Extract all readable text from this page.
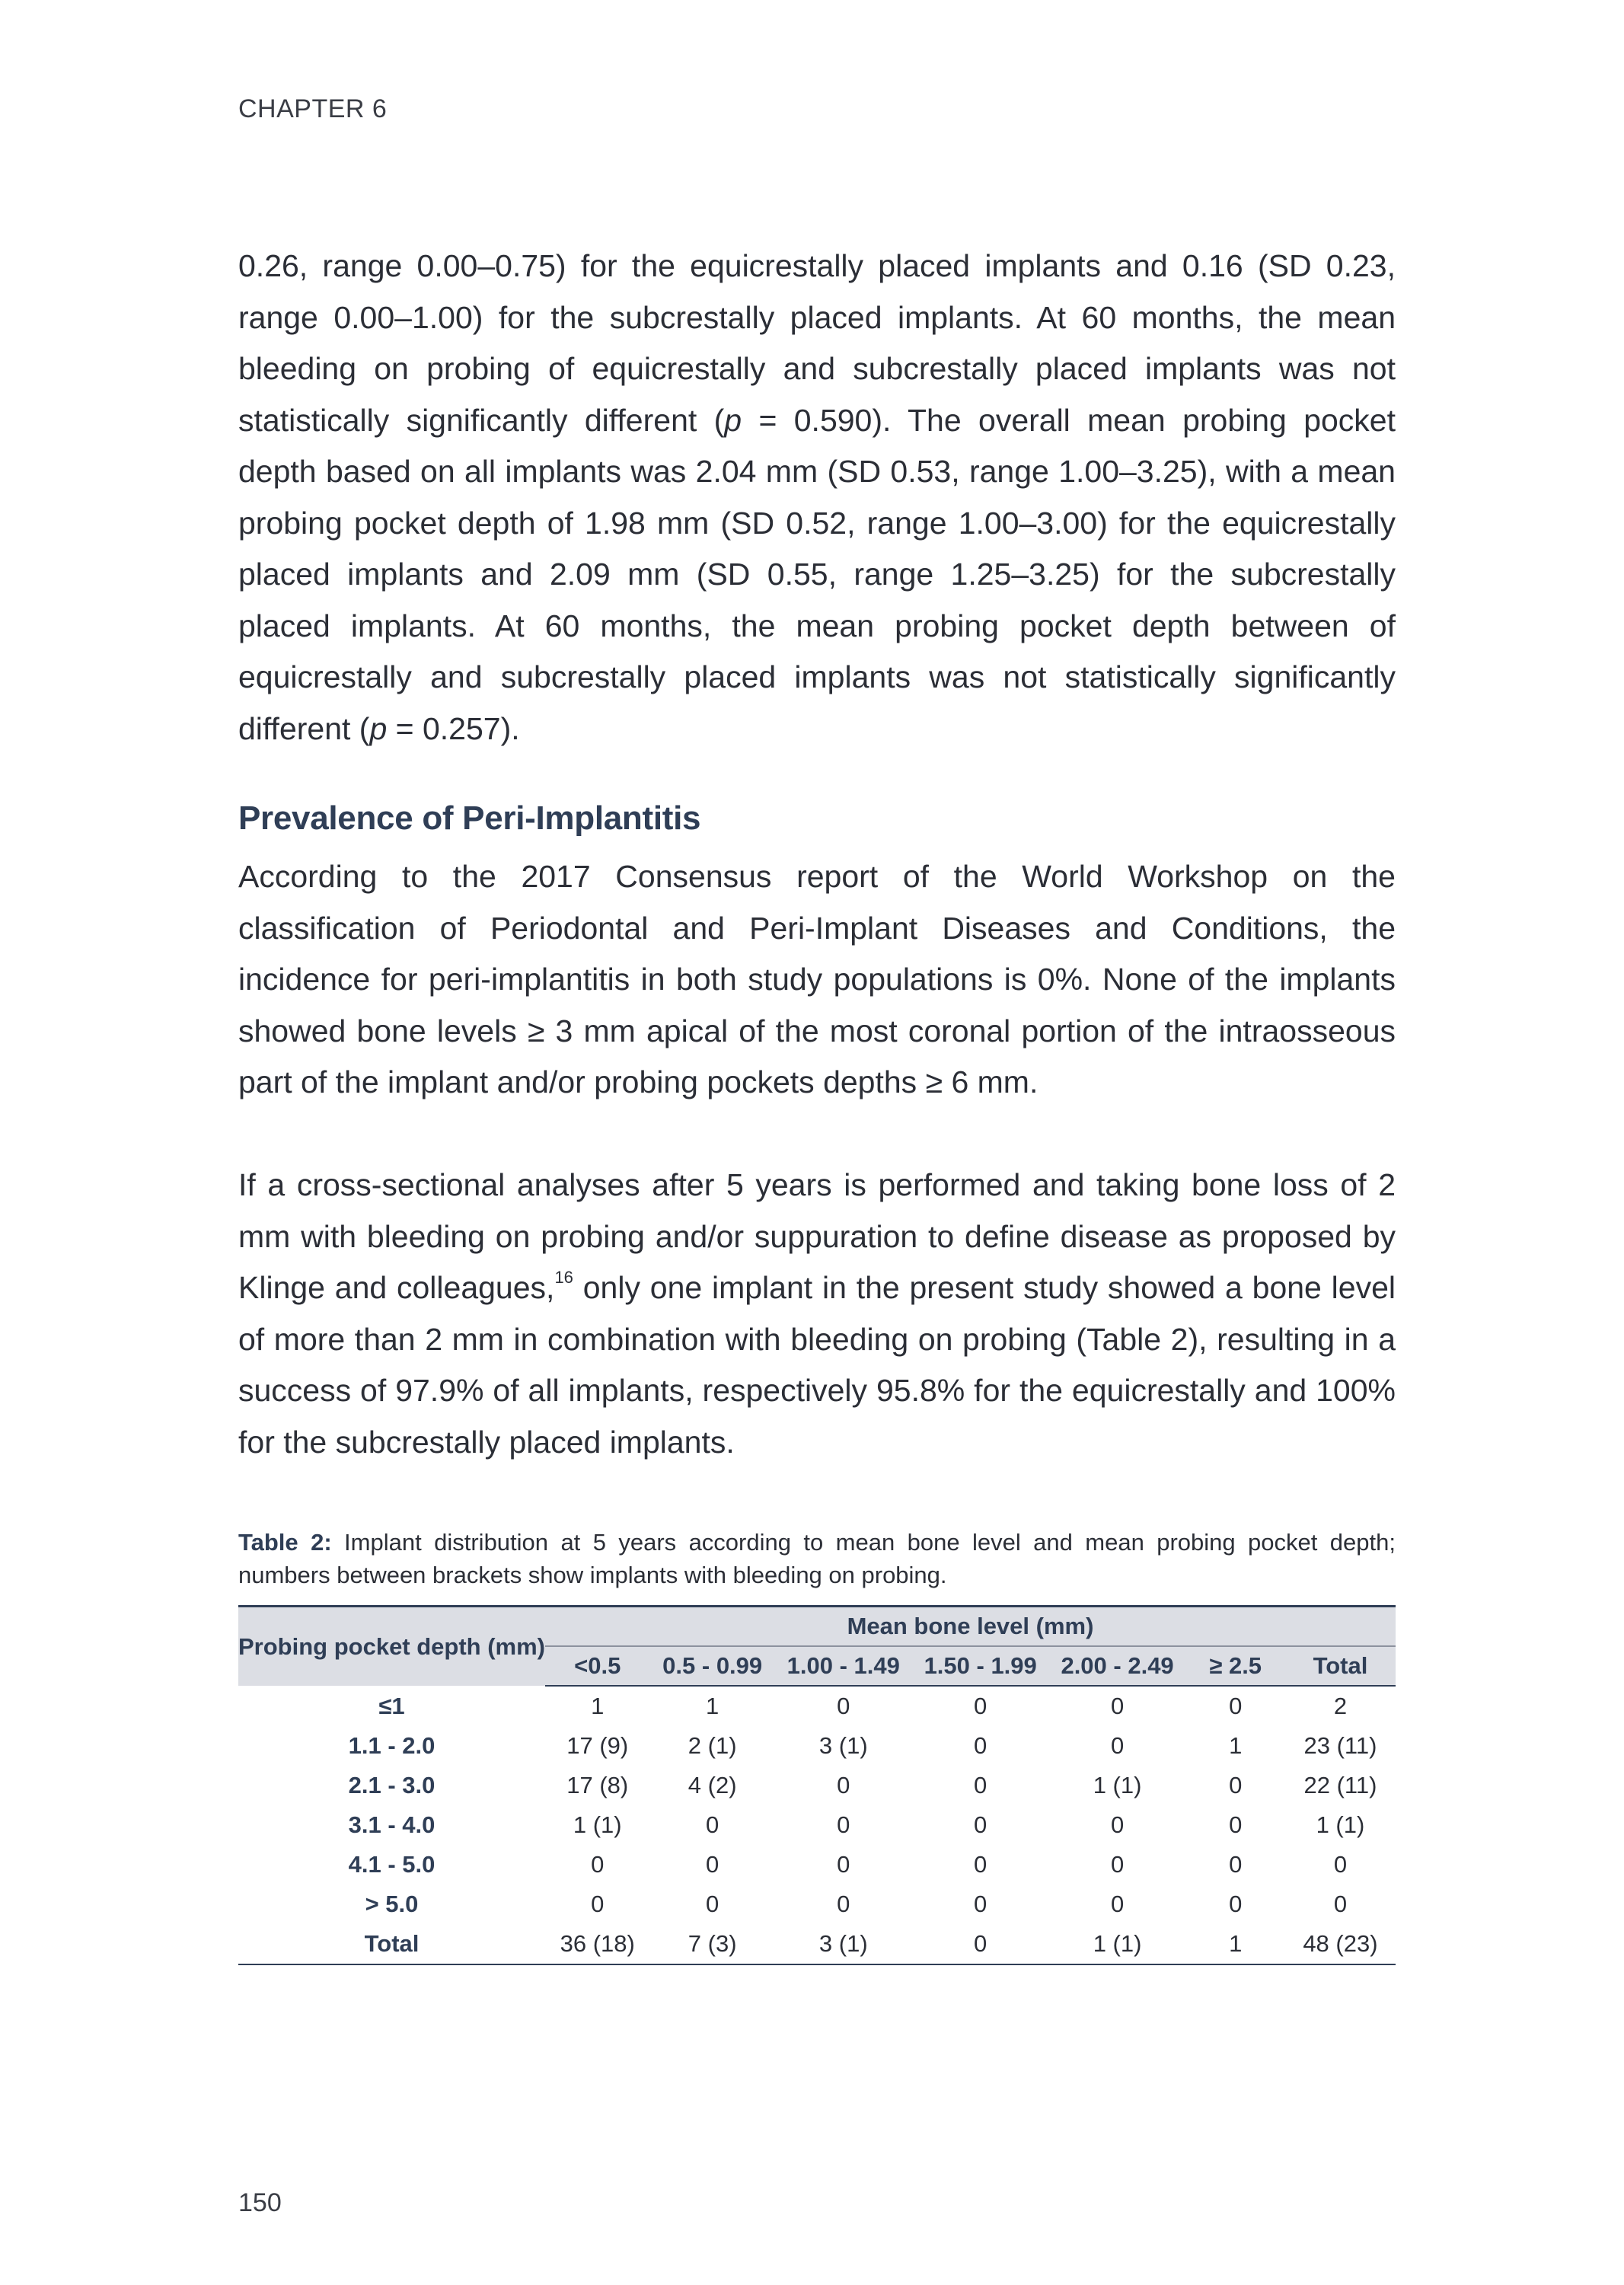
CHAPTER 6

0.26, range 0.00–0.75) for the equicrestally placed implants and 0.16 (SD 0.23, range 0.00–1.00) for the subcrestally placed implants. At 60 months, the mean bleeding on probing of equicrestally and subcrestally placed implants was not statistically significantly different (p = 0.590). The overall mean probing pocket depth based on all implants was 2.04 mm (SD 0.53, range 1.00–3.25), with a mean probing pocket depth of 1.98 mm (SD 0.52, range 1.00–3.00) for the equicrestally placed implants and 2.09 mm (SD 0.55, range 1.25–3.25) for the subcrestally placed implants. At 60 months, the mean probing pocket depth between of equicrestally and subcrestally placed implants was not statistically significantly different (p = 0.257).

Prevalence of Peri-Implantitis

According to the 2017 Consensus report of the World Workshop on the classification of Periodontal and Peri-Implant Diseases and Conditions, the incidence for peri-implantitis in both study populations is 0%. None of the implants showed bone levels ≥ 3 mm apical of the most coronal portion of the intraosseous part of the implant and/or probing pockets depths ≥ 6 mm.

If a cross-sectional analyses after 5 years is performed and taking bone loss of 2 mm with bleeding on probing and/or suppuration to define disease as proposed by Klinge and colleagues,$^{16}$ only one implant in the present study showed a bone level of more than 2 mm in combination with bleeding on probing (Table 2), resulting in a success of 97.9% of all implants, respectively 95.8% for the equicrestally and 100% for the subcrestally placed implants.

Table 2: Implant distribution at 5 years according to mean bone level and mean probing pocket depth; numbers between brackets show implants with bleeding on probing.
Probing pocket depth (mm)	Mean bone level (mm)						
	<0.5	0.5 - 0.99	1.00 - 1.49	1.50 - 1.99	2.00 - 2.49	≥ 2.5	Total
≤1	1	1	0	0	0	0	2
1.1 - 2.0	17 (9)	2 (1)	3 (1)	0	0	1	23 (11)
2.1 - 3.0	17 (8)	4 (2)	0	0	1 (1)	0	22 (11)
3.1 - 4.0	1 (1)	0	0	0	0	0	1 (1)
4.1 - 5.0	0	0	0	0	0	0	0
> 5.0	0	0	0	0	0	0	0
Total	36 (18)	7 (3)	3 (1)	0	1 (1)	1	48 (23)
150
